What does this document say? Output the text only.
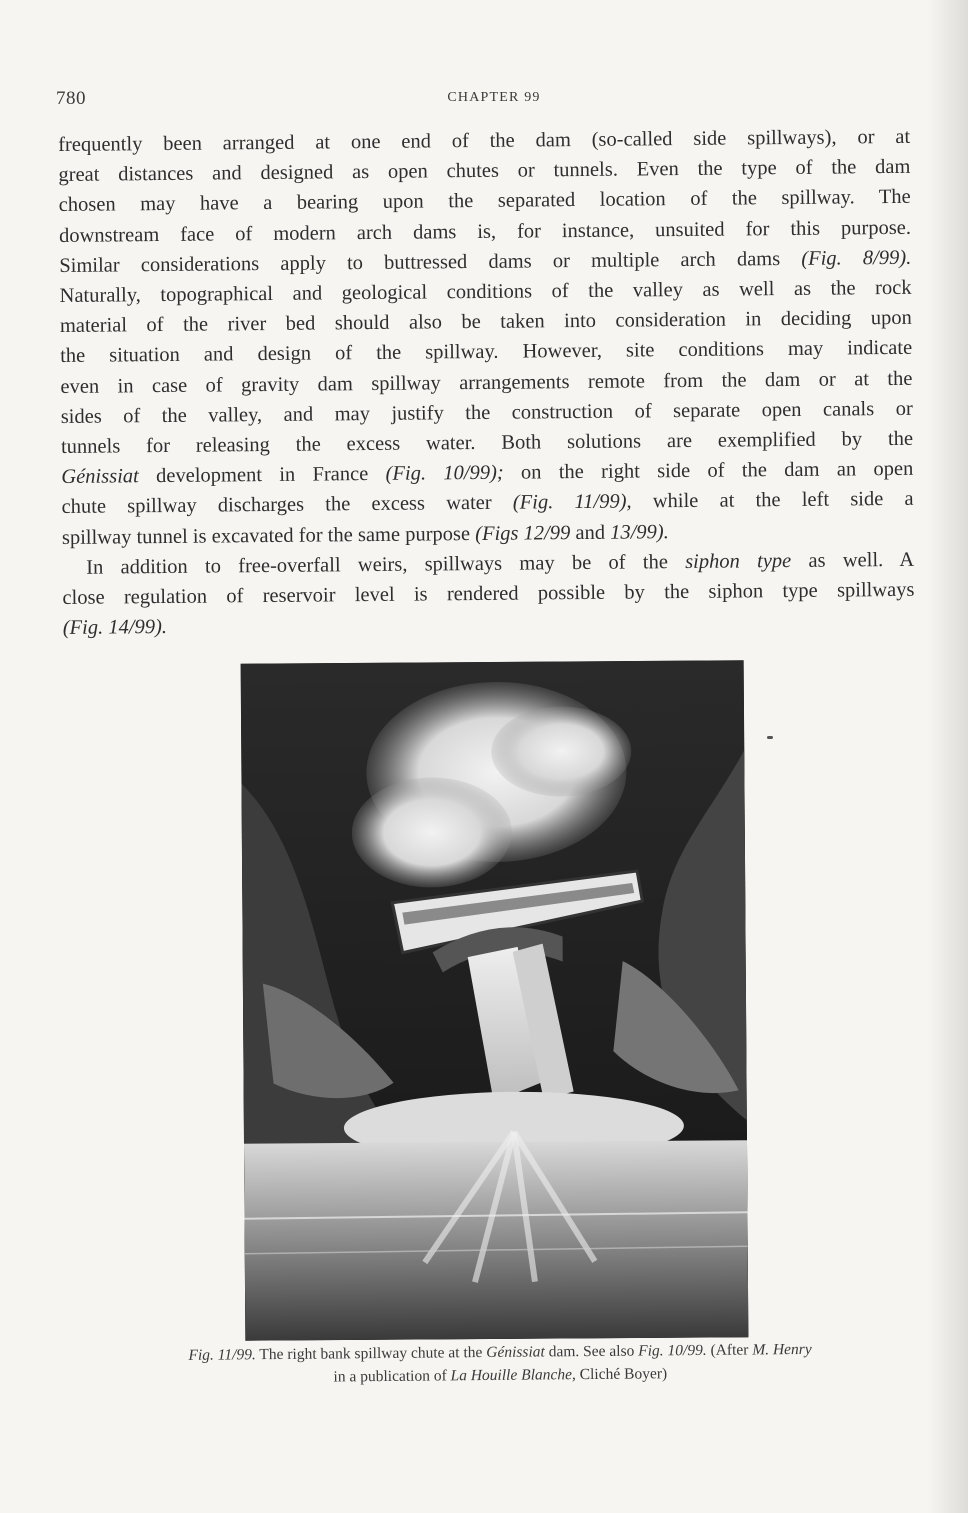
780	CHAPTER 99
frequently been arranged at one end of the dam (so-called side spillways), or at
great distances and designed as open chutes or tunnels. Even the type of the dam
chosen may have a bearing upon the separated location of the spillway. The
downstream face of modern arch dams is, for instance, unsuited for this purpose.
Similar considerations apply to buttressed dams or multiple arch dams (Fig. 8/99).
Naturally, topographical and geological conditions of the valley as well as the rock
material of the river bed should also be taken into consideration in deciding upon
the situation and design of the spillway. However, site conditions may indicate
even in case of gravity dam spillway arrangements remote from the dam or at the
sides of the valley, and may justify the construction of separate open canals or
tunnels for releasing the excess water. Both solutions are exemplified by the
Génissiat development in France (Fig. 10/99); on the right side of the dam an open
chute spillway discharges the excess water (Fig. 11/99), while at the left side a
spillway tunnel is excavated for the same purpose (Figs 12/99 and 13/99).
In addition to free-overfall weirs, spillways may be of the siphon type as well. A
close regulation of reservoir level is rendered possible by the siphon type spillways
(Fig. 14/99).
Fig. 11/99. The right bank spillway chute at the Génissiat dam. See also Fig. 10/99. (After M. Henry
in a publication of La Houille Blanche, Cliché Boyer)
